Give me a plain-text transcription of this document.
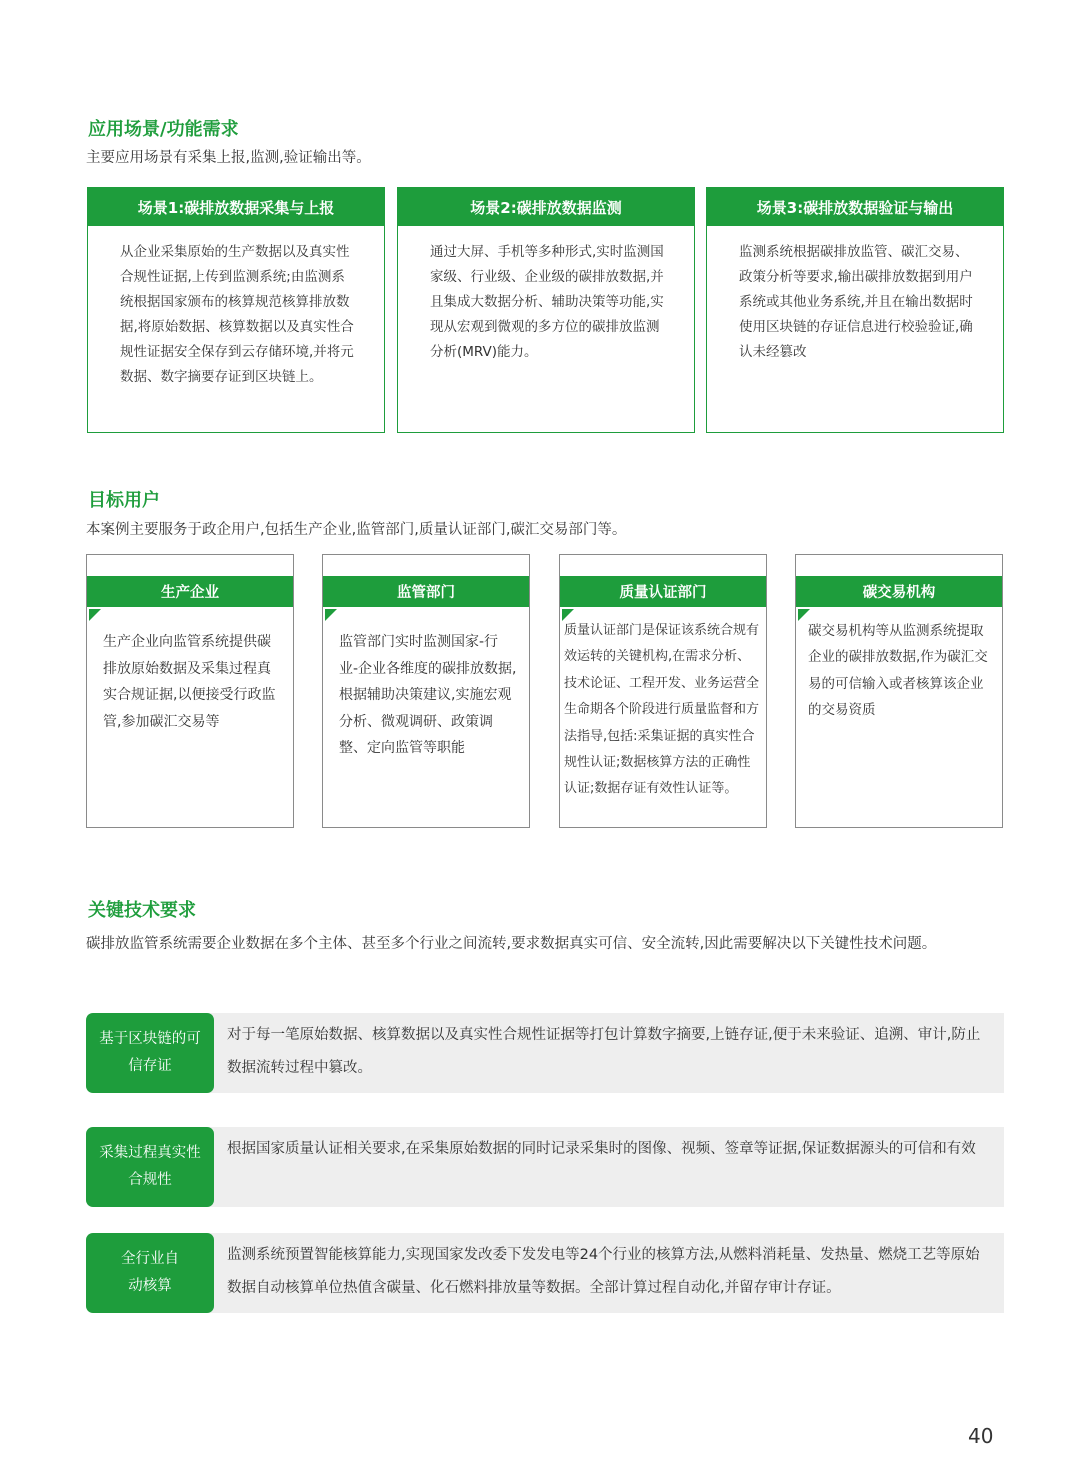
应用场景/功能需求
主要应用场景有采集上报,监测,验证输出等。
场景1:碳排放数据采集与上报
从企业采集原始的生产数据以及真实性合规性证据,上传到监测系统;由监测系统根据国家颁布的核算规范核算排放数据,将原始数据、核算数据以及真实性合规性证据安全保存到云存储环境,并将元数据、数字摘要存证到区块链上。
场景2:碳排放数据监测
通过大屏、手机等多种形式,实时监测国家级、行业级、企业级的碳排放数据,并且集成大数据分析、辅助决策等功能,实现从宏观到微观的多方位的碳排放监测分析(MRV)能力。
场景3:碳排放数据验证与输出
监测系统根据碳排放监管、碳汇交易、政策分析等要求,输出碳排放数据到用户系统或其他业务系统,并且在输出数据时使用区块链的存证信息进行校验验证,确认未经篡改
目标用户
本案例主要服务于政企用户,包括生产企业,监管部门,质量认证部门,碳汇交易部门等。
生产企业
生产企业向监管系统提供碳排放原始数据及采集过程真实合规证据,以便接受行政监管,参加碳汇交易等
监管部门
监管部门实时监测国家-行业-企业各维度的碳排放数据,根据辅助决策建议,实施宏观分析、微观调研、政策调整、定向监管等职能
质量认证部门
质量认证部门是保证该系统合规有效运转的关键机构,在需求分析、技术论证、工程开发、业务运营全生命期各个阶段进行质量监督和方法指导,包括:采集证据的真实性合规性认证;数据核算方法的正确性认证;数据存证有效性认证等。
碳交易机构
碳交易机构等从监测系统提取企业的碳排放数据,作为碳汇交易的可信输入或者核算该企业的交易资质
关键技术要求
碳排放监管系统需要企业数据在多个主体、甚至多个行业之间流转,要求数据真实可信、安全流转,因此需要解决以下关键性技术问题。
基于区块链的可信存证
对于每一笔原始数据、核算数据以及真实性合规性证据等打包计算数字摘要,上链存证,便于未来验证、追溯、审计,防止数据流转过程中篡改。
采集过程真实性合规性
根据国家质量认证相关要求,在采集原始数据的同时记录采集时的图像、视频、签章等证据,保证数据源头的可信和有效
全行业自动核算
监测系统预置智能核算能力,实现国家发改委下发发电等24个行业的核算方法,从燃料消耗量、发热量、燃烧工艺等原始数据自动核算单位热值含碳量、化石燃料排放量等数据。全部计算过程自动化,并留存审计存证。
40
